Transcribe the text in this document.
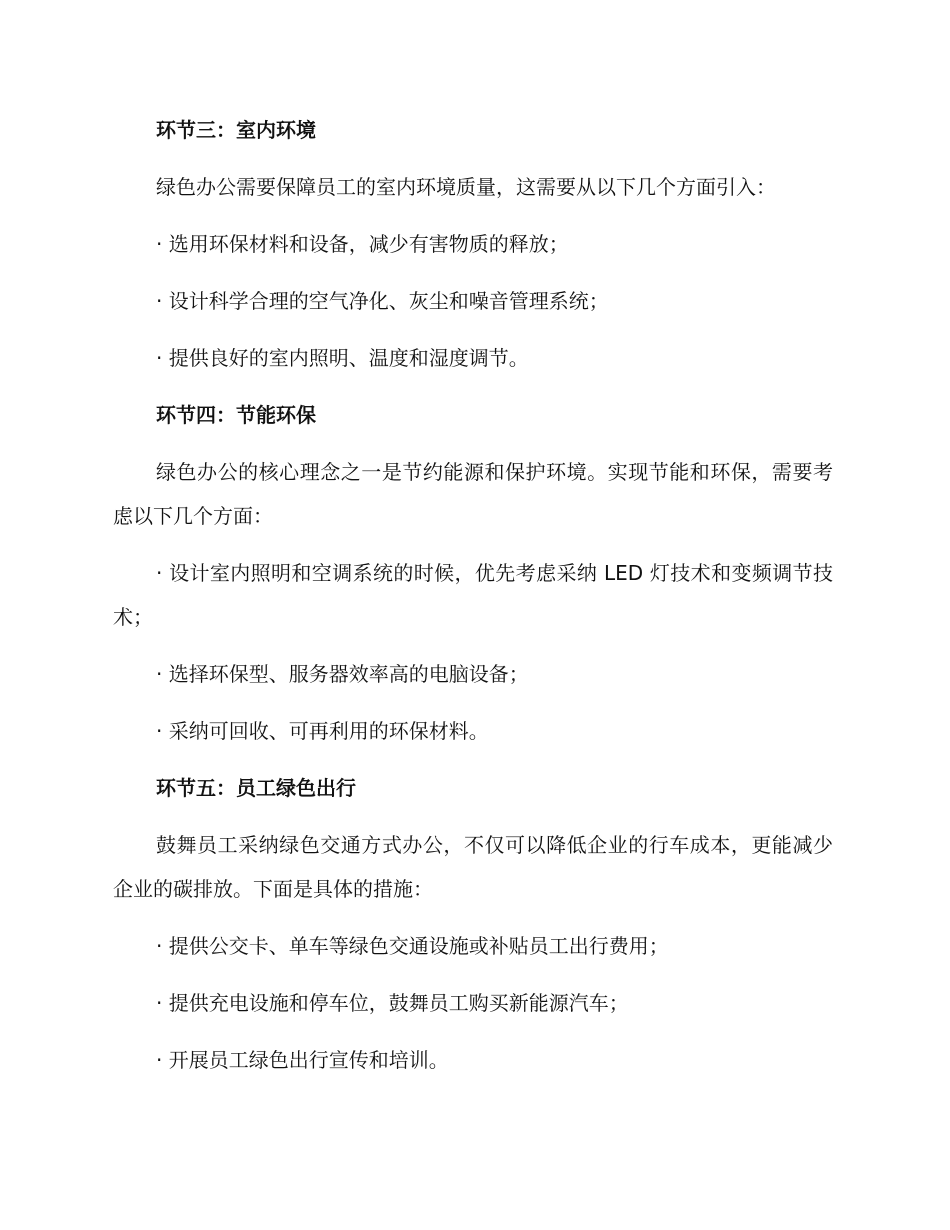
环节三：室内环境

绿色办公需要保障员工的室内环境质量，这需要从以下几个方面引入：

· 选用环保材料和设备，减少有害物质的释放；

· 设计科学合理的空气净化、灰尘和噪音管理系统；

· 提供良好的室内照明、温度和湿度调节。

环节四：节能环保

绿色办公的核心理念之一是节约能源和保护环境。实现节能和环保，需要考虑以下几个方面：

· 设计室内照明和空调系统的时候，优先考虑采纳 LED 灯技术和变频调节技术；

· 选择环保型、服务器效率高的电脑设备；

· 采纳可回收、可再利用的环保材料。

环节五：员工绿色出行

鼓舞员工采纳绿色交通方式办公，不仅可以降低企业的行车成本，更能减少企业的碳排放。下面是具体的措施：

· 提供公交卡、单车等绿色交通设施或补贴员工出行费用；

· 提供充电设施和停车位，鼓舞员工购买新能源汽车；

· 开展员工绿色出行宣传和培训。
